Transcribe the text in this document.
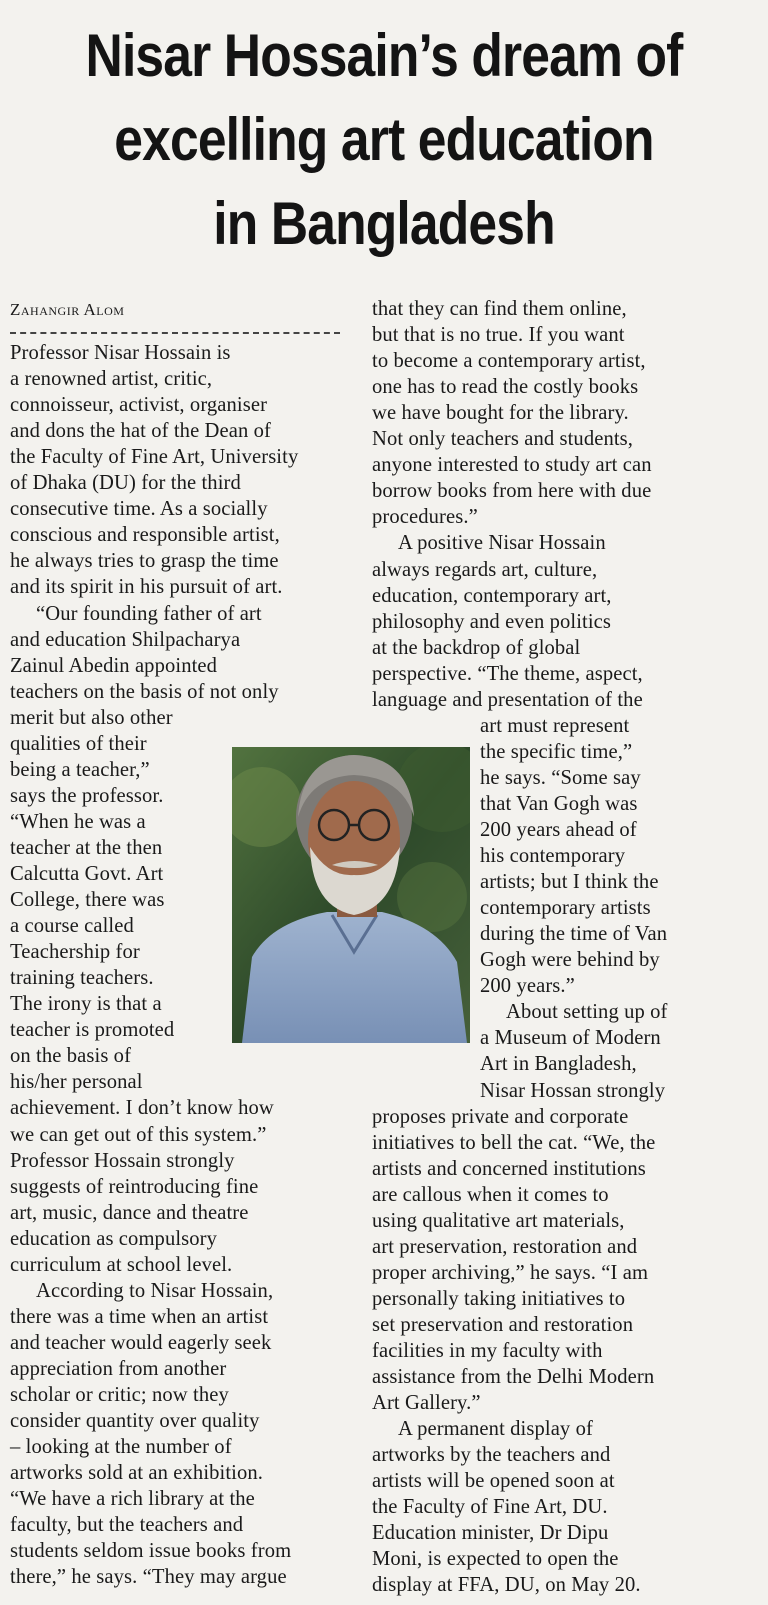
Nisar Hossain’s dream of
excelling art education
in Bangladesh
Zahangir Alom
Professor Nisar Hossain is
a renowned artist, critic,
connoisseur, activist, organiser
and dons the hat of the Dean of
the Faculty of Fine Art, University
of Dhaka (DU) for the third
consecutive time. As a socially
conscious and responsible artist,
he always tries to grasp the time
and its spirit in his pursuit of art.
“Our founding father of art
and education Shilpacharya
Zainul Abedin appointed
teachers on the basis of not only
merit but also other
qualities of their
being a teacher,”
says the professor.
“When he was a
teacher at the then
Calcutta Govt. Art
College, there was
a course called
Teachership for
training teachers.
The irony is that a
teacher is promoted
on the basis of
his/her personal
achievement. I don’t know how
we can get out of this system.”
Professor Hossain strongly
suggests of reintroducing fine
art, music, dance and theatre
education as compulsory
curriculum at school level.
According to Nisar Hossain,
there was a time when an artist
and teacher would eagerly seek
appreciation from another
scholar or critic; now they
consider quantity over quality
– looking at the number of
artworks sold at an exhibition.
“We have a rich library at the
faculty, but the teachers and
students seldom issue books from
there,” he says. “They may argue
that they can find them online,
but that is no true. If you want
to become a contemporary artist,
one has to read the costly books
we have bought for the library.
Not only teachers and students,
anyone interested to study art can
borrow books from here with due
procedures.”
A positive Nisar Hossain
always regards art, culture,
education, contemporary art,
philosophy and even politics
at the backdrop of global
perspective. “The theme, aspect,
language and presentation of the
art must represent
the specific time,”
he says. “Some say
that Van Gogh was
200 years ahead of
his contemporary
artists; but I think the
contemporary artists
during the time of Van
Gogh were behind by
200 years.”
About setting up of
a Museum of Modern
Art in Bangladesh,
Nisar Hossan strongly
proposes private and corporate
initiatives to bell the cat. “We, the
artists and concerned institutions
are callous when it comes to
using qualitative art materials,
art preservation, restoration and
proper archiving,” he says. “I am
personally taking initiatives to
set preservation and restoration
facilities in my faculty with
assistance from the Delhi Modern
Art Gallery.”
A permanent display of
artworks by the teachers and
artists will be opened soon at
the Faculty of Fine Art, DU.
Education minister, Dr Dipu
Moni, is expected to open the
display at FFA, DU, on May 20.
